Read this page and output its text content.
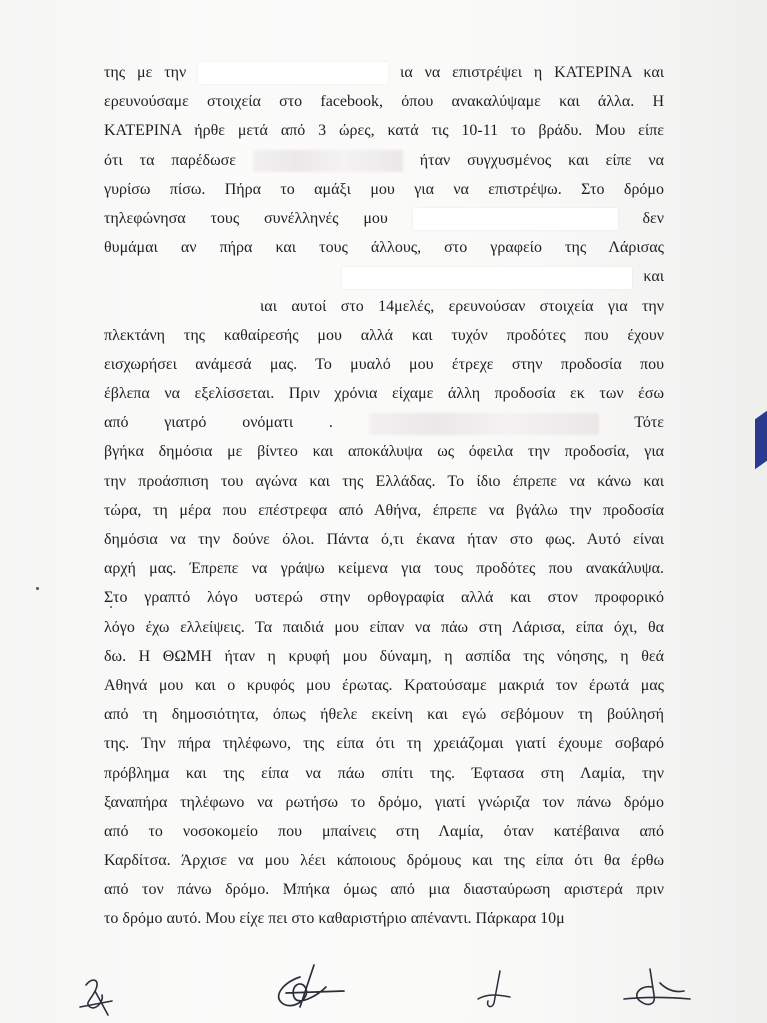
της με την	ια να επιστρέψει η ΚΑΤΕΡΙΝΑ και
ερευνούσαμε στοιχεία στο facebook, όπου ανακαλύψαμε και άλλα. Η
ΚΑΤΕΡΙΝΑ ήρθε μετά από 3 ώρες, κατά τις 10-11 το βράδυ. Μου είπε
ότι τα παρέδωσε	ήταν συγχυσμένος και είπε να
γυρίσω πίσω. Πήρα το αμάξι μου για να επιστρέψω. Στο δρόμο
τηλεφώνησα τους συνέλληνές μου	δεν
θυμάμαι αν πήρα και τους άλλους, στο γραφείο της Λάρισας
και
ιαι αυτοί στο 14μελές, ερευνούσαν στοιχεία για την
πλεκτάνη της καθαίρεσής μου αλλά και τυχόν προδότες που έχουν
εισχωρήσει ανάμεσά μας. Το μυαλό μου έτρεχε στην προδοσία που
έβλεπα να εξελίσσεται. Πριν χρόνια είχαμε άλλη προδοσία εκ των έσω
από γιατρό ονόματι .	Τότε
βγήκα δημόσια με βίντεο και αποκάλυψα ως όφειλα την προδοσία, για
την προάσπιση του αγώνα και της Ελλάδας. Το ίδιο έπρεπε να κάνω και
τώρα, τη μέρα που επέστρεφα από Αθήνα, έπρεπε να βγάλω την προδοσία
δημόσια να την δούνε όλοι. Πάντα ό,τι έκανα ήταν στο φως. Αυτό είναι
αρχή μας. Έπρεπε να γράψω κείμενα για τους προδότες που ανακάλυψα.
Στο γραπτό λόγο υστερώ στην ορθογραφία αλλά και στον προφορικό
λόγο έχω ελλείψεις. Τα παιδιά μου είπαν να πάω στη Λάρισα, είπα όχι, θα
δω. Η ΘΩΜΗ ήταν η κρυφή μου δύναμη, η ασπίδα της νόησης, η θεά
Αθηνά μου και ο κρυφός μου έρωτας. Κρατούσαμε μακριά τον έρωτά μας
από τη δημοσιότητα, όπως ήθελε εκείνη και εγώ σεβόμουν τη βούλησή
της. Την πήρα τηλέφωνο, της είπα ότι τη χρειάζομαι γιατί έχουμε σοβαρό
πρόβλημα και της είπα να πάω σπίτι της. Έφτασα στη Λαμία, την
ξαναπήρα τηλέφωνο να ρωτήσω το δρόμο, γιατί γνώριζα τον πάνω δρόμο
από το νοσοκομείο που μπαίνεις στη Λαμία, όταν κατέβαινα από
Καρδίτσα. Άρχισε να μου λέει κάποιους δρόμους και της είπα ότι θα έρθω
από τον πάνω δρόμο. Μπήκα όμως από μια διασταύρωση αριστερά πριν
το δρόμο αυτό. Μου είχε πει στο καθαριστήριο απέναντι. Πάρκαρα 10μ
